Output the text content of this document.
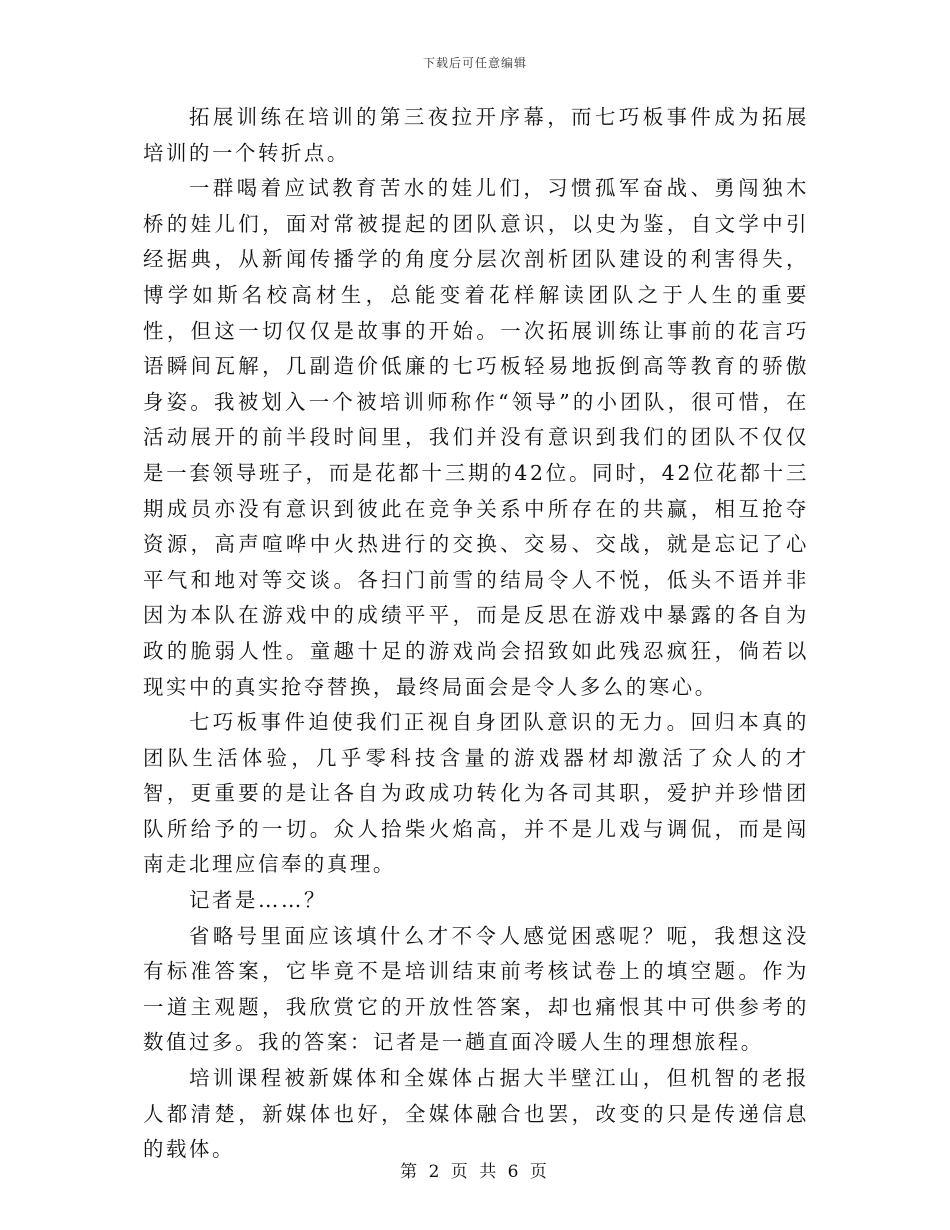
下载后可任意编辑

拓展训练在培训的第三夜拉开序幕，而七巧板事件成为拓展培训的一个转折点。

一群喝着应试教育苦水的娃儿们，习惯孤军奋战、勇闯独木桥的娃儿们，面对常被提起的团队意识，以史为鉴，自文学中引经据典，从新闻传播学的角度分层次剖析团队建设的利害得失，博学如斯名校高材生，总能变着花样解读团队之于人生的重要性，但这一切仅仅是故事的开始。一次拓展训练让事前的花言巧语瞬间瓦解，几副造价低廉的七巧板轻易地扳倒高等教育的骄傲身姿。我被划入一个被培训师称作“领导”的小团队，很可惜，在活动展开的前半段时间里，我们并没有意识到我们的团队不仅仅是一套领导班子，而是花都十三期的42位。同时，42位花都十三期成员亦没有意识到彼此在竞争关系中所存在的共赢，相互抢夺资源，高声喧哗中火热进行的交换、交易、交战，就是忘记了心平气和地对等交谈。各扫门前雪的结局令人不悦，低头不语并非因为本队在游戏中的成绩平平，而是反思在游戏中暴露的各自为政的脆弱人性。童趣十足的游戏尚会招致如此残忍疯狂，倘若以现实中的真实抢夺替换，最终局面会是令人多么的寒心。

七巧板事件迫使我们正视自身团队意识的无力。回归本真的团队生活体验，几乎零科技含量的游戏器材却激活了众人的才智，更重要的是让各自为政成功转化为各司其职，爱护并珍惜团队所给予的一切。众人拾柴火焰高，并不是儿戏与调侃，而是闯南走北理应信奉的真理。

记者是……？

省略号里面应该填什么才不令人感觉困惑呢？呃，我想这没有标准答案，它毕竟不是培训结束前考核试卷上的填空题。作为一道主观题，我欣赏它的开放性答案，却也痛恨其中可供参考的数值过多。我的答案：记者是一趟直面冷暖人生的理想旅程。

培训课程被新媒体和全媒体占据大半壁江山，但机智的老报人都清楚，新媒体也好，全媒体融合也罢，改变的只是传递信息的载体。

第 2 页 共 6 页
